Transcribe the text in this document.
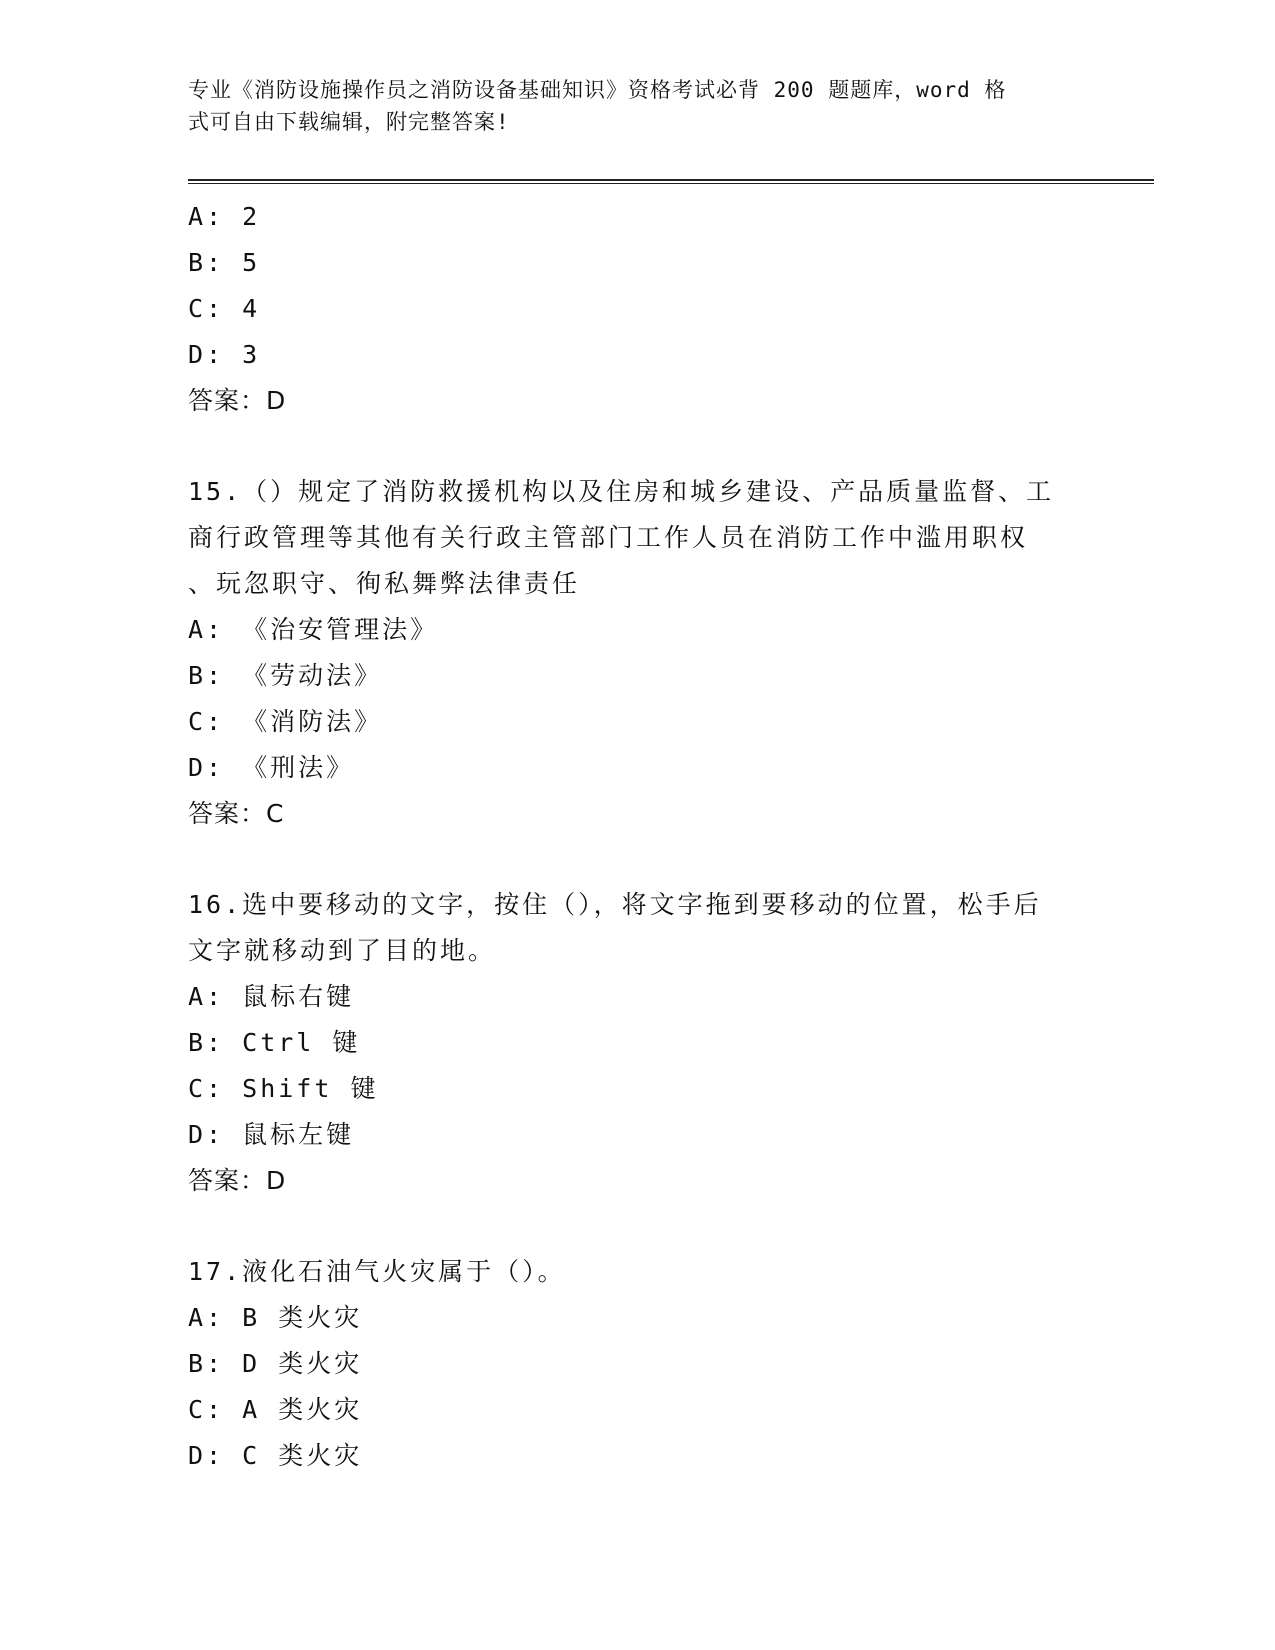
专业《消防设施操作员之消防设备基础知识》资格考试必背 200 题题库，word 格
式可自由下载编辑，附完整答案!
A: 2
B: 5
C: 4
D: 3
答案：D
15.（）规定了消防救援机构以及住房和城乡建设、产品质量监督、工
商行政管理等其他有关行政主管部门工作人员在消防工作中滥用职权
、玩忽职守、徇私舞弊法律责任
A: 《治安管理法》
B: 《劳动法》
C: 《消防法》
D: 《刑法》
答案：C
16.选中要移动的文字，按住（），将文字拖到要移动的位置，松手后
文字就移动到了目的地。
A: 鼠标右键
B: Ctrl 键
C: Shift 键
D: 鼠标左键
答案：D
17.液化石油气火灾属于（）。
A: B 类火灾
B: D 类火灾
C: A 类火灾
D: C 类火灾
